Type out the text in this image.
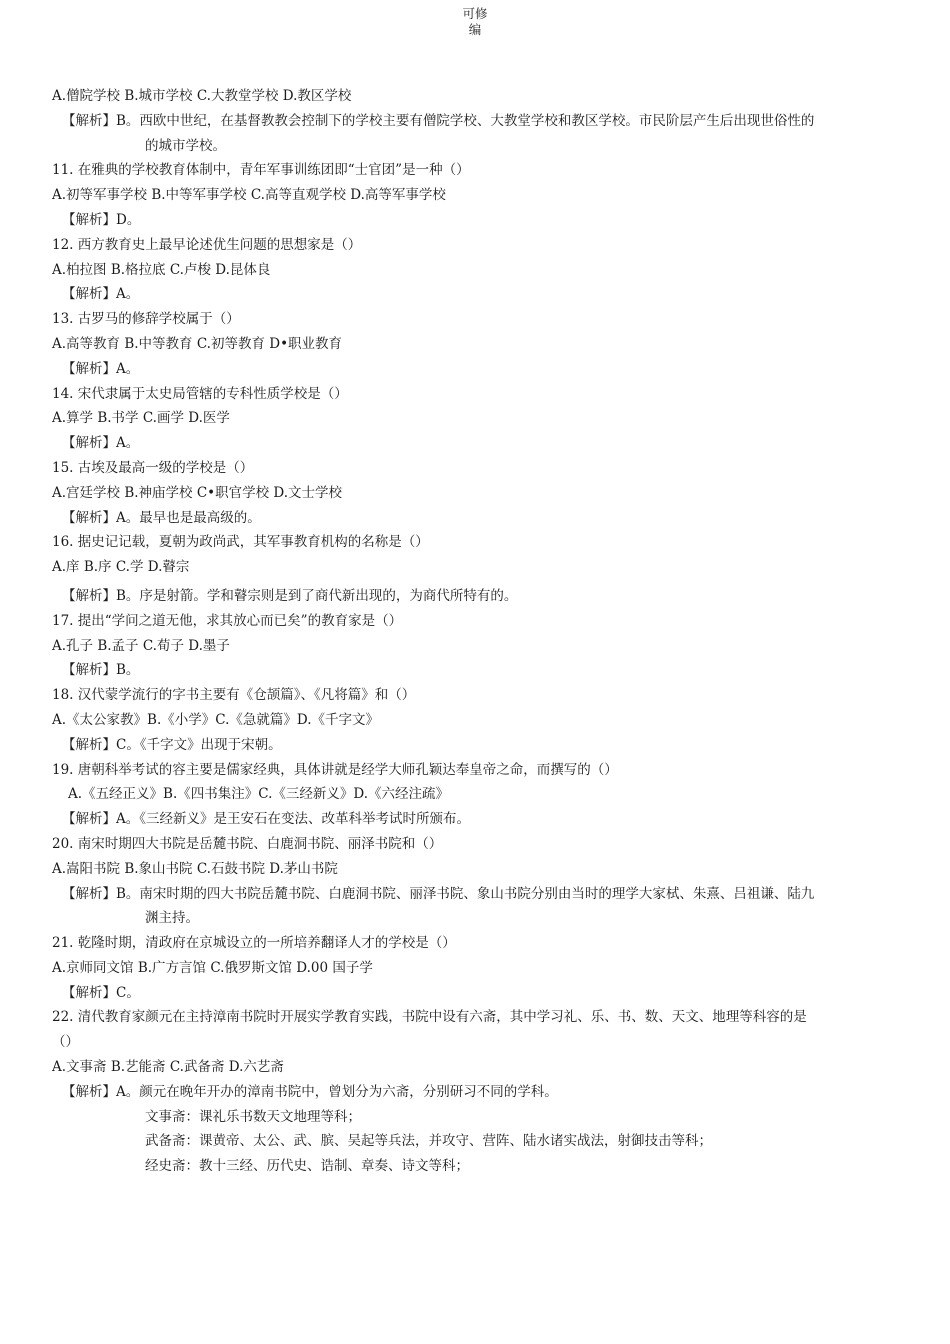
可修
编
A.僧院学校 B.城市学校 C.大教堂学校 D.教区学校
【解析】B。西欧中世纪，在基督教教会控制下的学校主要有僧院学校、大教堂学校和教区学校。市民阶层产生后出现世俗性的
的城市学校。
11. 在雅典的学校教育体制中，青年军事训练团即“士官团”是一种（）
A.初等军事学校 B.中等军事学校 C.高等直观学校 D.高等军事学校
【解析】D。
12. 西方教育史上最早论述优生问题的思想家是（）
A.柏拉图 B.格拉底 C.卢梭 D.昆体良
【解析】A。
13. 古罗马的修辞学校属于（）
A.高等教育 B.中等教育 C.初等教育 D•职业教育
【解析】A。
14. 宋代隶属于太史局管辖的专科性质学校是（）
A.算学 B.书学 C.画学 D.医学
【解析】A。
15. 古埃及最高一级的学校是（）
A.宫廷学校 B.神庙学校 C•职官学校 D.文士学校
【解析】A。最早也是最高级的。
16. 据史记记载，夏朝为政尚武，其军事教育机构的名称是（）
A.庠 B.序 C.学 D.瞽宗
【解析】B。序是射箭。学和瞽宗则是到了商代新出现的，为商代所特有的。
17. 提出“学问之道无他，求其放心而已矣”的教育家是（）
A.孔子 B.孟子 C.荀子 D.墨子
【解析】B。
18. 汉代蒙学流行的字书主要有《仓颉篇》、《凡将篇》和（）
A.《太公家教》B.《小学》C.《急就篇》D.《千字文》
【解析】C。《千字文》出现于宋朝。
19. 唐朝科举考试的容主要是儒家经典，具体讲就是经学大师孔颖达奉皇帝之命，而撰写的（）
A.《五经正义》B.《四书集注》C.《三经新义》D.《六经注疏》
【解析】A。《三经新义》是王安石在变法、改革科举考试时所颁布。
20. 南宋时期四大书院是岳麓书院、白鹿洞书院、丽泽书院和（）
A.嵩阳书院 B.象山书院 C.石鼓书院 D.茅山书院
【解析】B。南宋时期的四大书院岳麓书院、白鹿洞书院、丽泽书院、象山书院分别由当时的理学大家栻、朱熹、吕祖谦、陆九
渊主持。
21. 乾隆时期，清政府在京城设立的一所培养翻译人才的学校是（）
A.京师同文馆 B.广方言馆 C.俄罗斯文馆 D.00 国子学
【解析】C。
22. 清代教育家颜元在主持漳南书院时开展实学教育实践，书院中设有六斋，其中学习礼、乐、书、数、天文、地理等科容的是
（）
A.文事斋 B.艺能斋 C.武备斋 D.六艺斋
【解析】A。颜元在晚年开办的漳南书院中，曾划分为六斋，分别研习不同的学科。
文事斋：课礼乐书数天文地理等科；
武备斋：课黄帝、太公、武、膑、吴起等兵法，并攻守、营阵、陆水诸实战法，射御技击等科；
经史斋：教十三经、历代史、诰制、章奏、诗文等科；
